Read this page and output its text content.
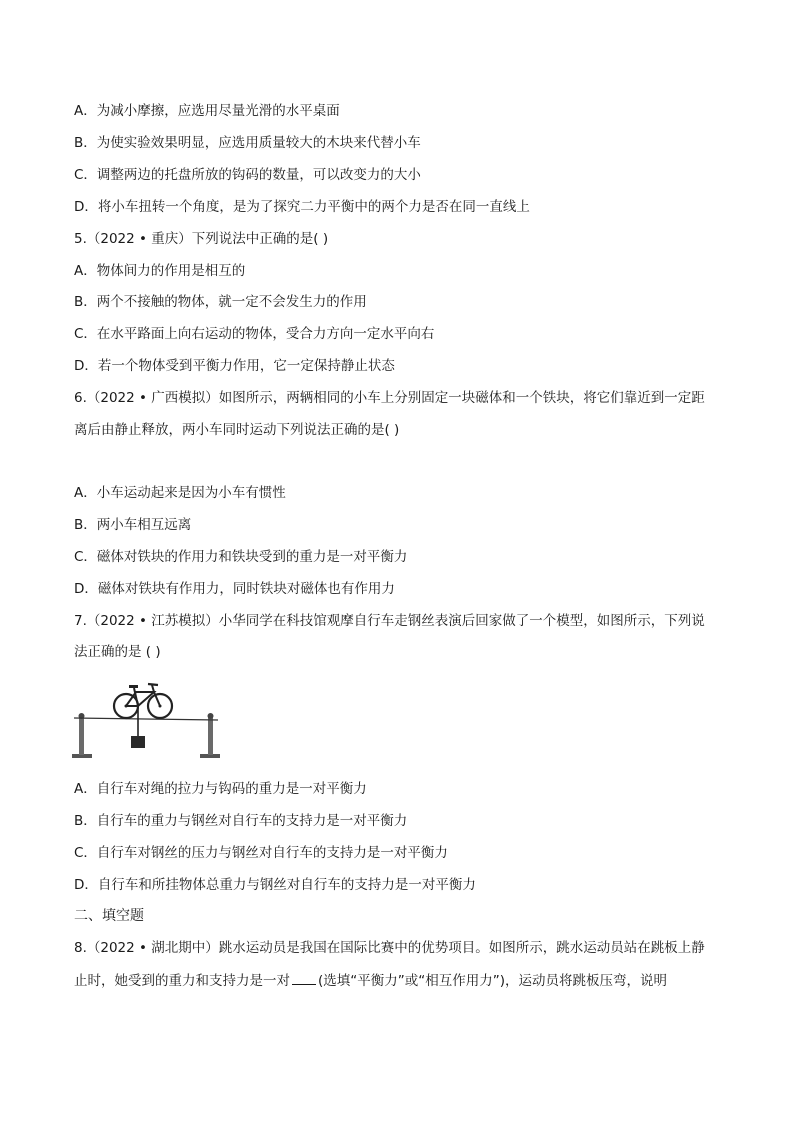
A．为减小摩擦，应选用尽量光滑的水平桌面
B．为使实验效果明显，应选用质量较大的木块来代替小车
C．调整两边的托盘所放的钩码的数量，可以改变力的大小
D．将小车扭转一个角度，是为了探究二力平衡中的两个力是否在同一直线上
5.（2022 • 重庆）下列说法中正确的是( )
A．物体间力的作用是相互的
B．两个不接触的物体，就一定不会发生力的作用
C．在水平路面上向右运动的物体，受合力方向一定水平向右
D．若一个物体受到平衡力作用，它一定保持静止状态
6.（2022 • 广西模拟）如图所示，两辆相同的小车上分别固定一块磁体和一个铁块，将它们靠近到一定距
离后由静止释放，两小车同时运动下列说法正确的是( )
A．小车运动起来是因为小车有惯性
B．两小车相互远离
C．磁体对铁块的作用力和铁块受到的重力是一对平衡力
D．磁体对铁块有作用力，同时铁块对磁体也有作用力
7.（2022 • 江苏模拟）小华同学在科技馆观摩自行车走钢丝表演后回家做了一个模型，如图所示，下列说
法正确的是 ( )
A．自行车对绳的拉力与钩码的重力是一对平衡力
B．自行车的重力与钢丝对自行车的支持力是一对平衡力
C．自行车对钢丝的压力与钢丝对自行车的支持力是一对平衡力
D．自行车和所挂物体总重力与钢丝对自行车的支持力是一对平衡力
二、填空题
8.（2022 • 湖北期中）跳水运动员是我国在国际比赛中的优势项目。如图所示，跳水运动员站在跳板上静
止时，她受到的重力和支持力是一对 (选填“平衡力”或“相互作用力”)，运动员将跳板压弯，说明
